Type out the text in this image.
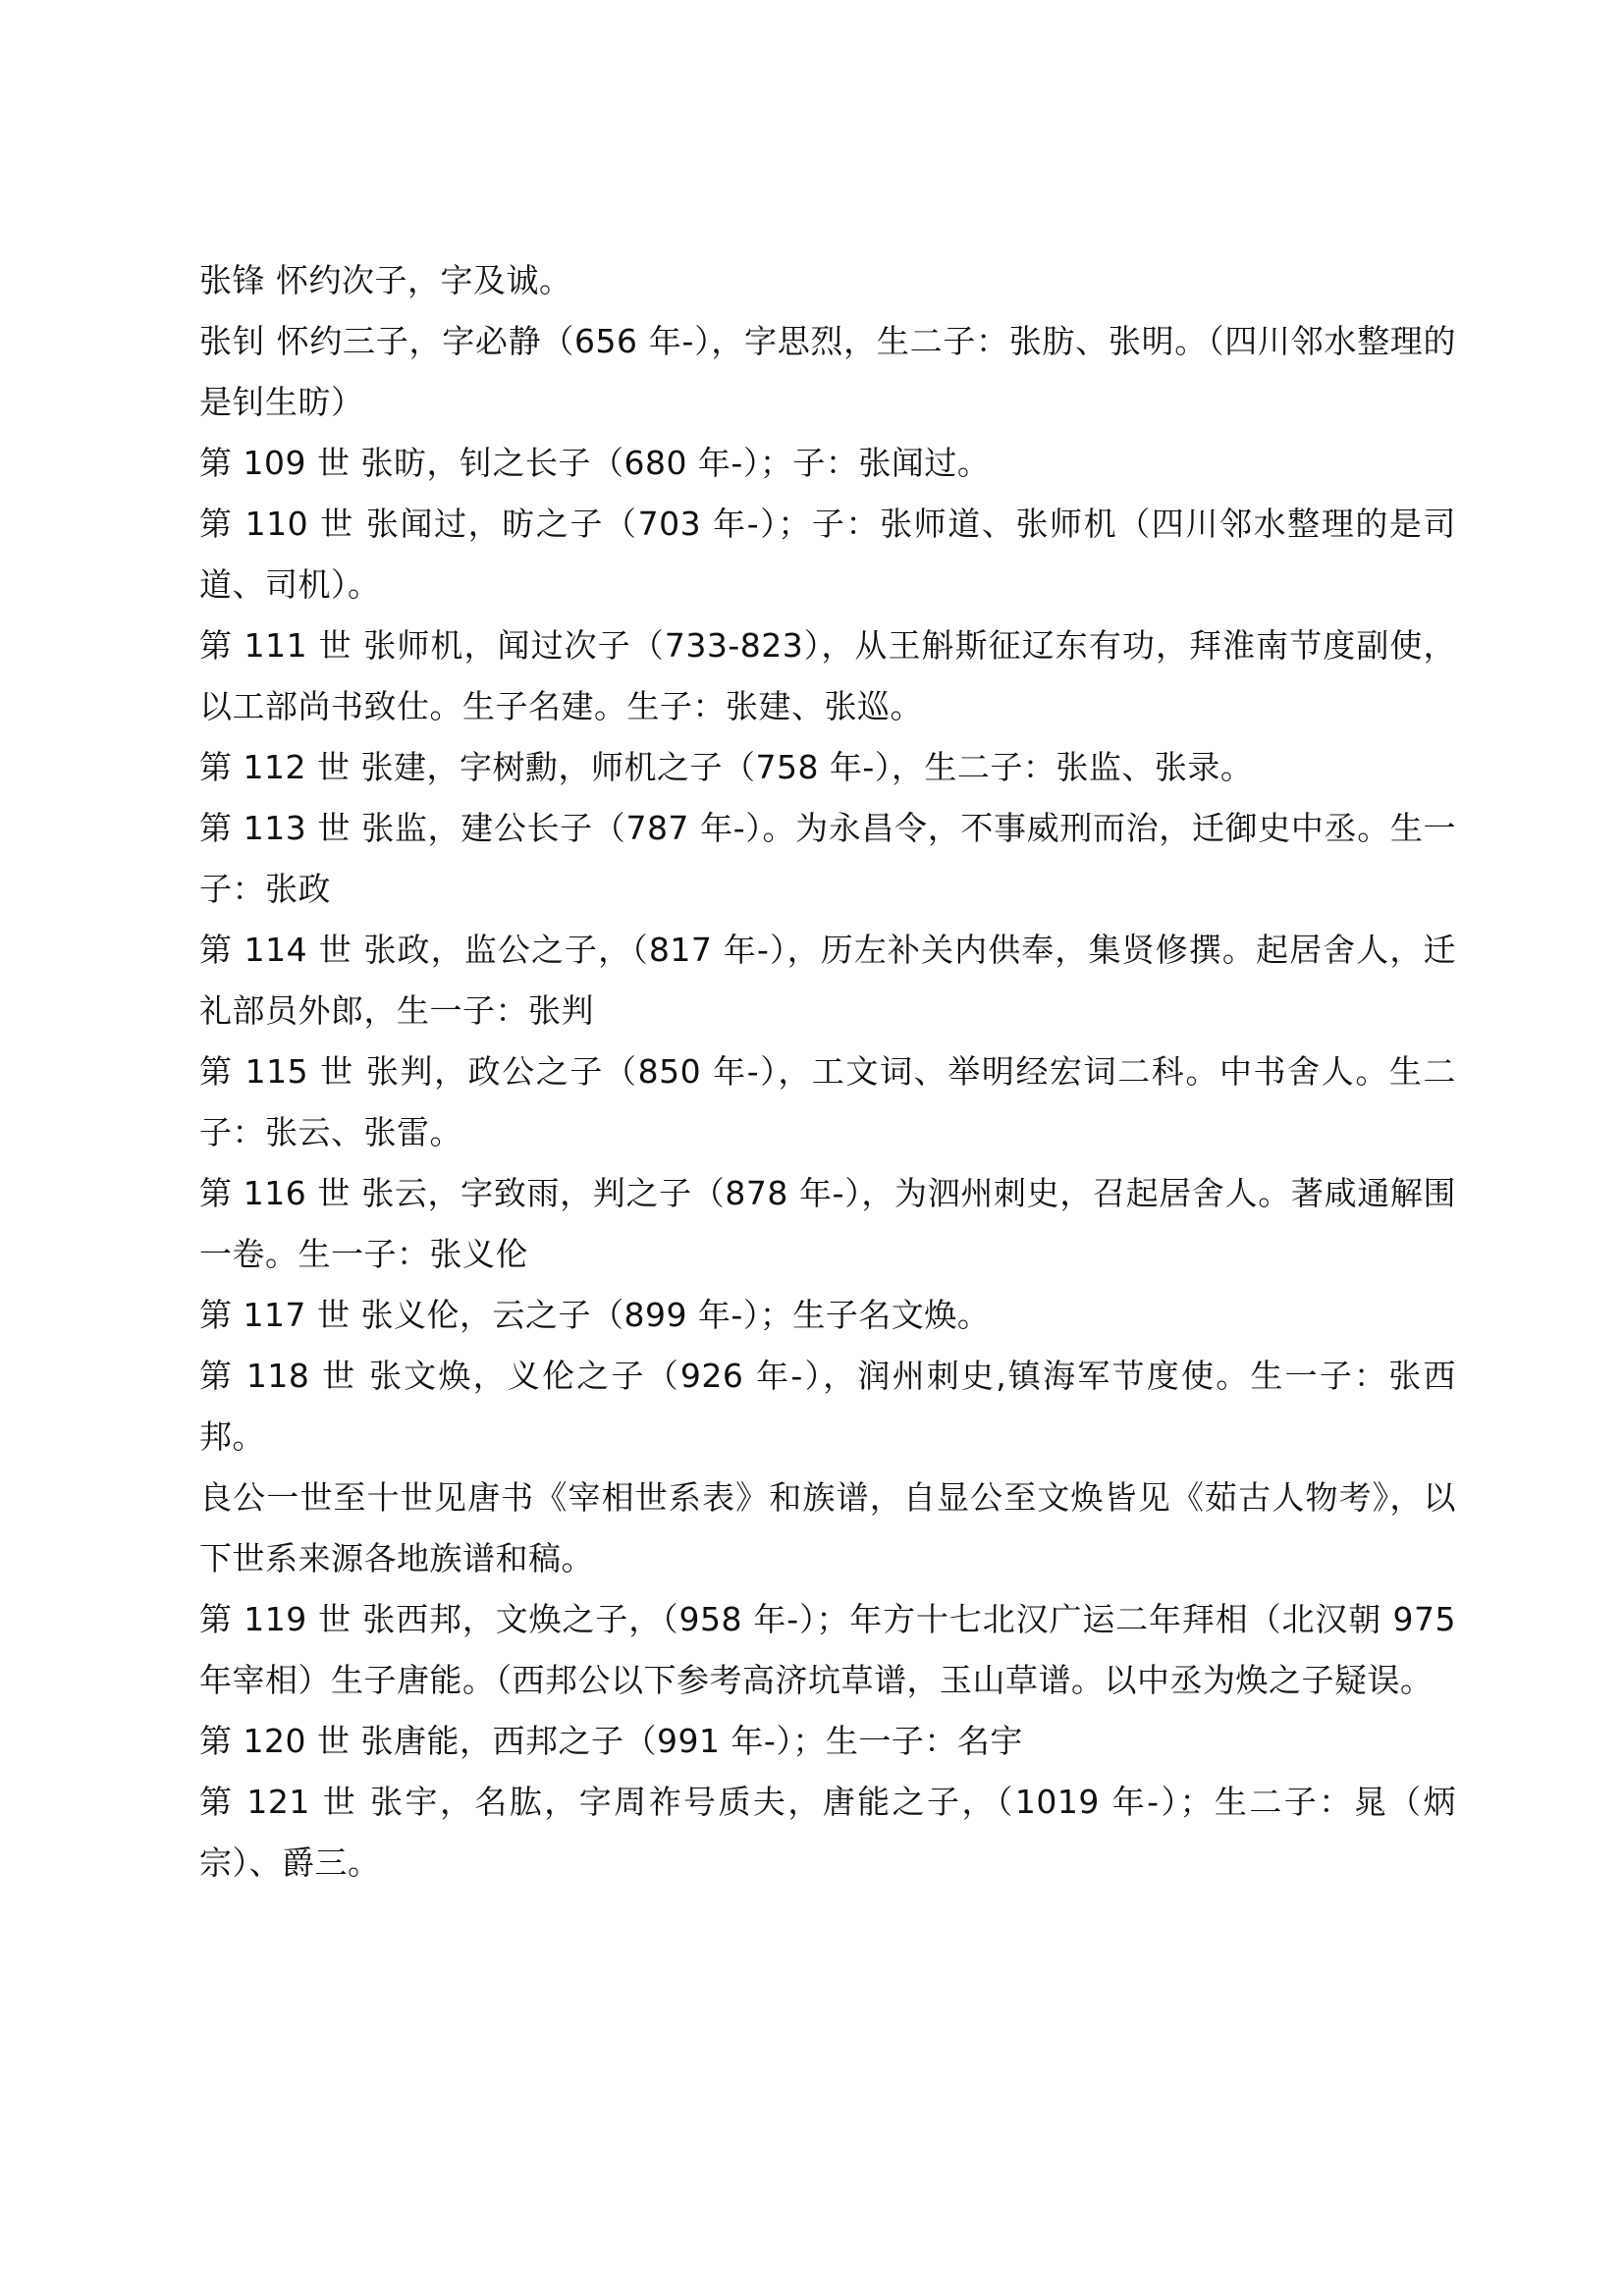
张锋 怀约次子，字及诚。

张钊 怀约三子，字必静（656 年-），字思烈，生二子：张肪、张明。（四川邻水整理的是钊生昉）

第 109 世 张昉，钊之长子（680 年-）；子：张闻过。

第 110 世 张闻过，昉之子（703 年-）；子：张师道、张师机（四川邻水整理的是司道、司机）。

第 111 世 张师机，闻过次子（733-823），从王斛斯征辽东有功，拜淮南节度副使，以工部尚书致仕。生子名建。生子：张建、张巡。

第 112 世 张建，字树勳，师机之子（758 年-），生二子：张监、张录。

第 113 世 张监，建公长子（787 年-）。为永昌令，不事威刑而治，迁御史中丞。生一子：张政

第 114 世 张政，监公之子，（817 年-），历左补关内供奉，集贤修撰。起居舍人，迁礼部员外郎，生一子：张判

第 115 世 张判，政公之子（850 年-），工文词、举明经宏词二科。中书舍人。生二子：张云、张雷。

第 116 世 张云，字致雨，判之子（878 年-），为泗州刺史，召起居舍人。著咸通解围一卷。生一子：张义伦

第 117 世 张义伦，云之子（899 年-）；生子名文焕。

第 118 世 张文焕，义伦之子（926 年-），润州刺史,镇海军节度使。生一子：张西邦。

良公一世至十世见唐书《宰相世系表》和族谱，自显公至文焕皆见《茹古人物考》，以下世系来源各地族谱和稿。

第 119 世 张西邦，文焕之子，（958 年-）；年方十七北汉广运二年拜相（北汉朝 975 年宰相）生子唐能。（西邦公以下参考高济坑草谱，玉山草谱。以中丞为焕之子疑误。

第 120 世 张唐能，西邦之子（991 年-）；生一子：名宇

第 121 世 张宇，名肱，字周祚号质夫，唐能之子，（1019 年-）；生二子：晁（炳宗）、爵三。
